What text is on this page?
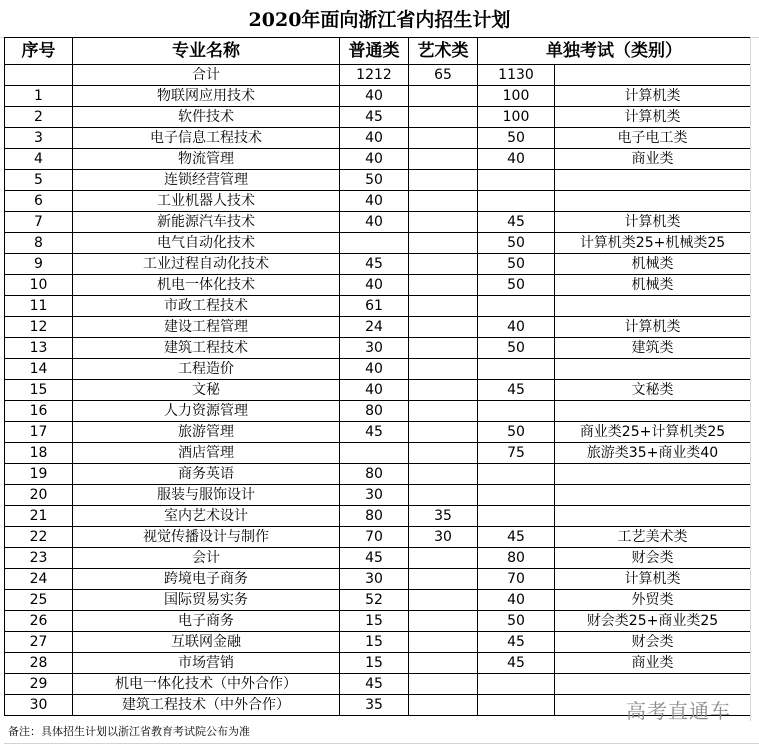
2020年面向浙江省内招生计划
序号	专业名称	普通类	艺术类	单独考试（类别）	
	合计	1212	65	1130	
1	物联网应用技术	40		100	计算机类
2	软件技术	45		100	计算机类
3	电子信息工程技术	40		50	电子电工类
4	物流管理	40		40	商业类
5	连锁经营管理	50			
6	工业机器人技术	40			
7	新能源汽车技术	40		45	计算机类
8	电气自动化技术			50	计算机类25+机械类25
9	工业过程自动化技术	45		50	机械类
10	机电一体化技术	40		50	机械类
11	市政工程技术	61			
12	建设工程管理	24		40	计算机类
13	建筑工程技术	30		50	建筑类
14	工程造价	40			
15	文秘	40		45	文秘类
16	人力资源管理	80			
17	旅游管理	45		50	商业类25+计算机类25
18	酒店管理			75	旅游类35+商业类40
19	商务英语	80			
20	服装与服饰设计	30			
21	室内艺术设计	80	35		
22	视觉传播设计与制作	70	30	45	工艺美术类
23	会计	45		80	财会类
24	跨境电子商务	30		70	计算机类
25	国际贸易实务	52		40	外贸类
26	电子商务	15		50	财会类25+商业类25
27	互联网金融	15		45	财会类
28	市场营销	15		45	商业类
29	机电一体化技术（中外合作）	45			
30	建筑工程技术（中外合作）	35			
备注：具体招生计划以浙江省教育考试院公布为准
高考直通车
